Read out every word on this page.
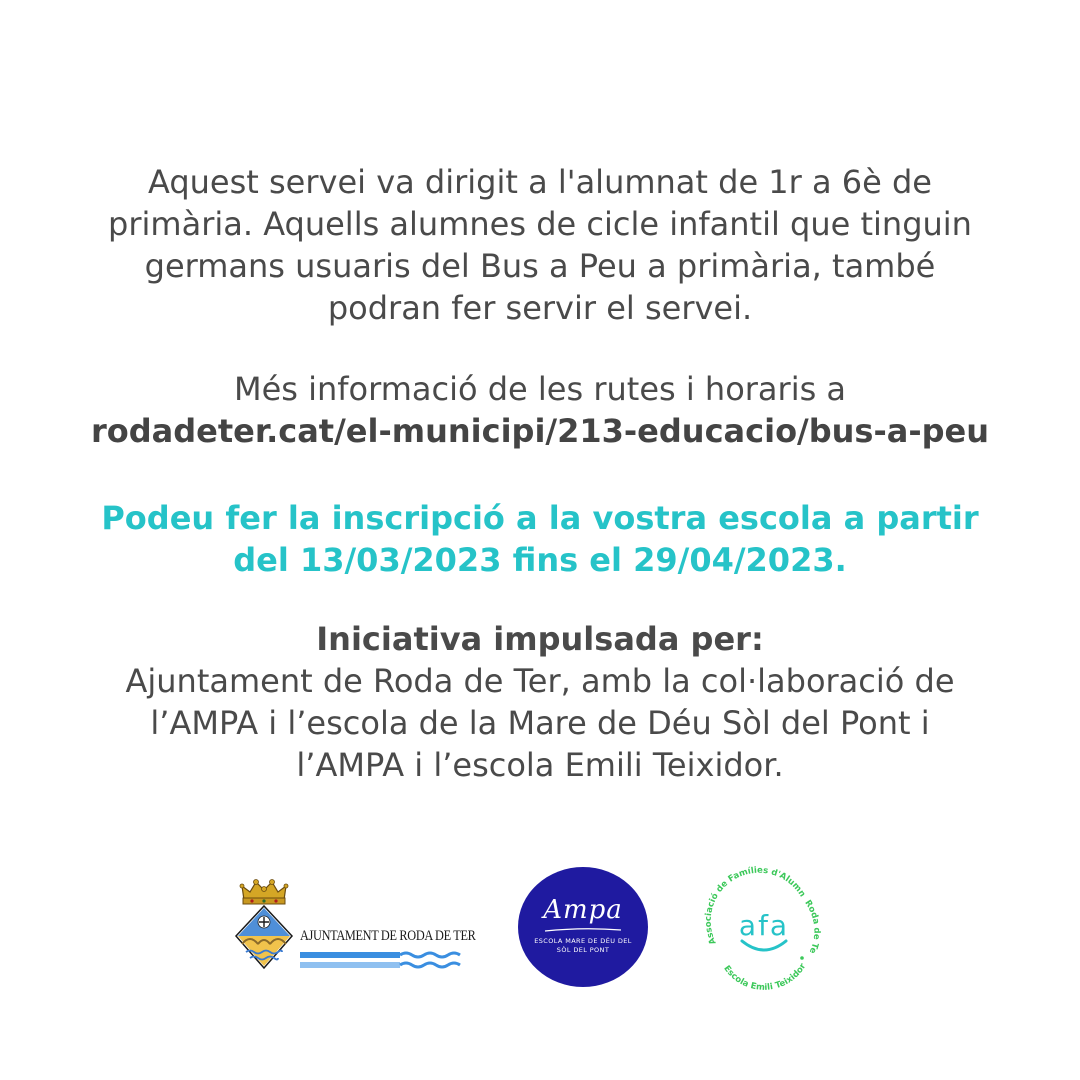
Aquest servei va dirigit a l'alumnat de 1r a 6è de
primària. Aquells alumnes de cicle infantil que tinguin
germans usuaris del Bus a Peu a primària, també
podran fer servir el servei.
Més informació de les rutes i horaris a
rodadeter.cat/el-municipi/213-educacio/bus-a-peu
Podeu fer la inscripció a la vostra escola a partir
del 13/03/2023 fins el 29/04/2023.
Iniciativa impulsada per:
Ajuntament de Roda de Ter, amb la col·laboració de
l’AMPA i l’escola de la Mare de Déu Sòl del Pont i
l’AMPA i l’escola Emili Teixidor.
AJUNTAMENT DE RODA DE TER
Ampa
ESCOLA MARE DE DÉU DEL
SÒL DEL PONT
Associació de Famílies d'Alumn
Roda de Te
Escola Emili Teixidor
afa
